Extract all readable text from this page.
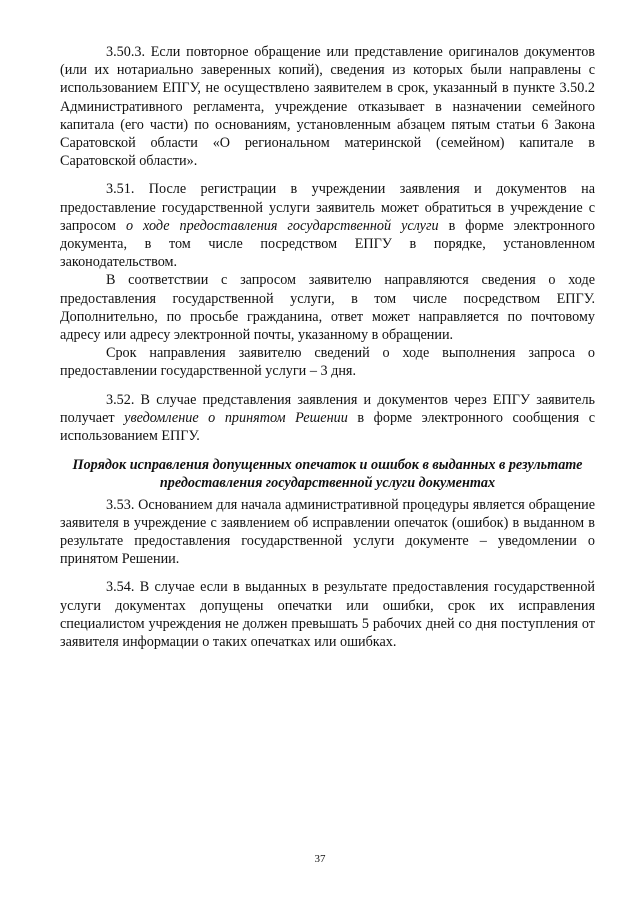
3.50.3. Если повторное обращение или представление оригиналов документов (или их нотариально заверенных копий), сведения из которых были направлены с использованием ЕПГУ, не осуществлено заявителем в срок, указанный в пункте 3.50.2 Административного регламента, учреждение отказывает в назначении семейного капитала (его части) по основаниям, установленным абзацем пятым статьи 6 Закона Саратовской области «О региональном материнской (семейном) капитале в Саратовской области».

3.51. После регистрации в учреждении заявления и документов на предоставление государственной услуги заявитель может обратиться в учреждение с запросом о ходе предоставления государственной услуги в форме электронного документа, в том числе посредством ЕПГУ в порядке, установленном законодательством.

В соответствии с запросом заявителю направляются сведения о ходе предоставления государственной услуги, в том числе посредством ЕПГУ. Дополнительно, по просьбе гражданина, ответ может направляется по почтовому адресу или адресу электронной почты, указанному в обращении.

Срок направления заявителю сведений о ходе выполнения запроса о предоставлении государственной услуги – 3 дня.

3.52. В случае представления заявления и документов через ЕПГУ заявитель получает уведомление о принятом Решении в форме электронного сообщения с использованием ЕПГУ.

Порядок исправления допущенных опечаток и ошибок в выданных в результате предоставления государственной услуги документах

3.53. Основанием для начала административной процедуры является обращение заявителя в учреждение с заявлением об исправлении опечаток (ошибок) в выданном в результате предоставления государственной услуги документе – уведомлении о принятом Решении.

3.54. В случае если в выданных в результате предоставления государственной услуги документах допущены опечатки или ошибки, срок их исправления специалистом учреждения не должен превышать 5 рабочих дней со дня поступления от заявителя информации о таких опечатках или ошибках.

37
